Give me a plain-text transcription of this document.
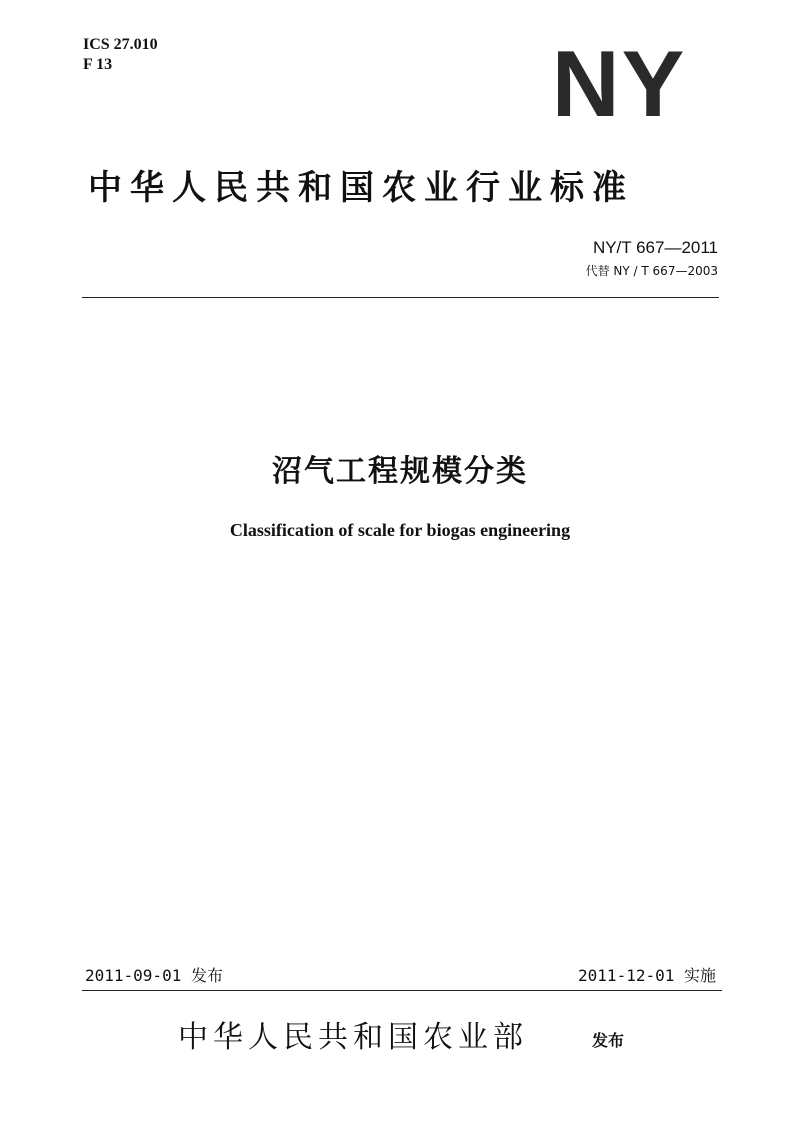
ICS 27.010

F 13	NY
中华人民共和国农业行业标准

NY/T 667—2011

代替 NY / T 667—2003

沼气工程规模分类

Classification of scale for biogas engineering

2011-09-01 发布	2011-12-01 实施

中华人民共和国农业部	发布
